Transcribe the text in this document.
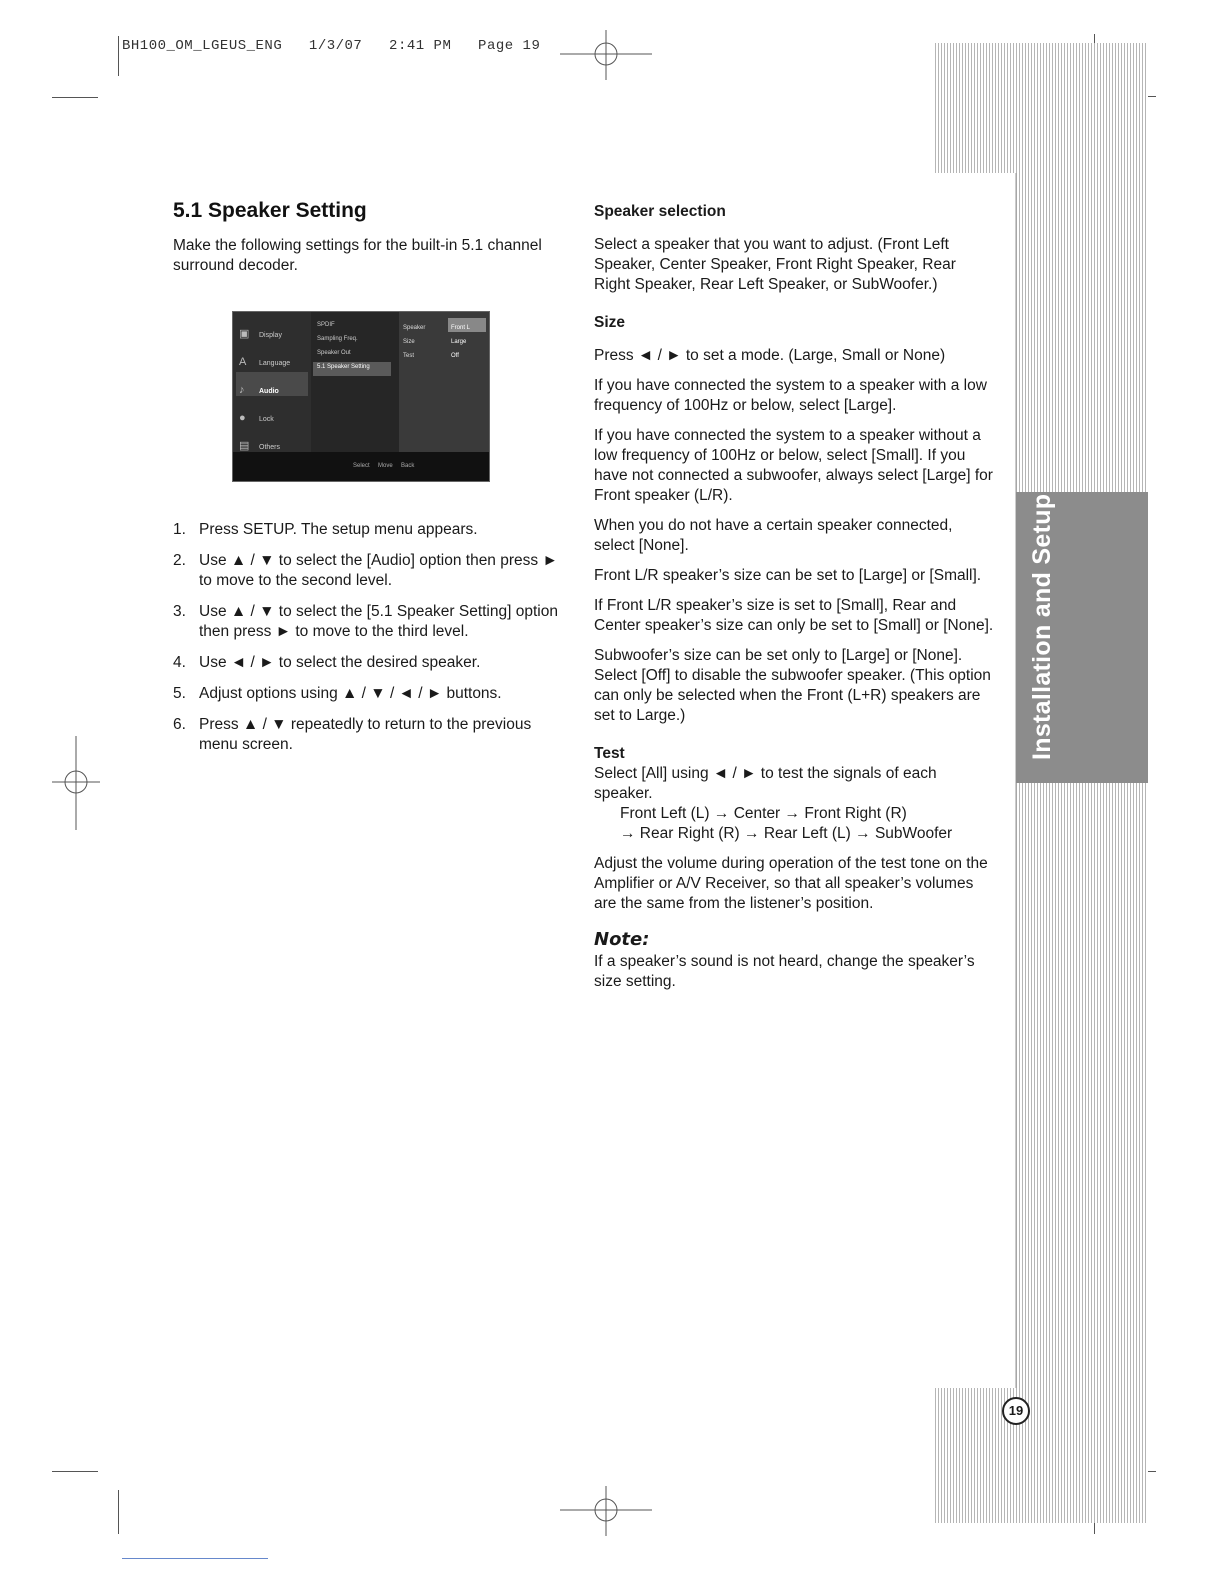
BH100_OM_LGEUS_ENG   1/3/07   2:41 PM   Page 19
Installation and Setup
19
5.1 Speaker Setting
Make the following settings for the built-in 5.1 channel surround decoder.
Display
Language
Audio
Lock
Others
▣
A
♪
●
▤
SPDIF
Sampling Freq.
Speaker Out
5.1 Speaker Setting
Speaker
Size
Test
Front L
Large
Off
Select Move Back
1. Press SETUP. The setup menu appears.
2. Use ▲ / ▼ to select the [Audio] option then press ► to move to the second level.
3. Use ▲ / ▼ to select the [5.1 Speaker Setting] option then press ► to move to the third level.
4. Use ◄ / ► to select the desired speaker.
5. Adjust options using ▲ / ▼ / ◄ / ► buttons.
6. Press ▲ / ▼ repeatedly to return to the previous menu screen.
Speaker selection

Select a speaker that you want to adjust. (Front Left Speaker, Center Speaker, Front Right Speaker, Rear Right Speaker, Rear Left Speaker, or SubWoofer.)

Size

Press ◄ / ► to set a mode. (Large, Small or None)

If you have connected the system to a speaker with a low frequency of 100Hz or below, select [Large].

If you have connected the system to a speaker without a low frequency of 100Hz or below, select [Small]. If you have not connected a subwoofer, always select [Large] for Front speaker (L/R).

When you do not have a certain speaker connected, select [None].

Front L/R speaker’s size can be set to [Large] or [Small].

If Front L/R speaker’s size is set to [Small], Rear and Center speaker’s size can only be set to [Small] or [None].

Subwoofer’s size can be set only to [Large] or [None]. Select [Off] to disable the subwoofer speaker. (This option can only be selected when the Front (L+R) speakers are set to Large.)

Test

Select [All] using ◄ / ► to test the signals of each speaker.

Front Left (L) → Center → Front Right (R)

→ Rear Right (R) → Rear Left (L) → SubWoofer

Adjust the volume during operation of the test tone on the Amplifier or A/V Receiver, so that all speaker’s volumes are the same from the listener’s position.

Note:

If a speaker’s sound is not heard, change the speaker’s size setting.
